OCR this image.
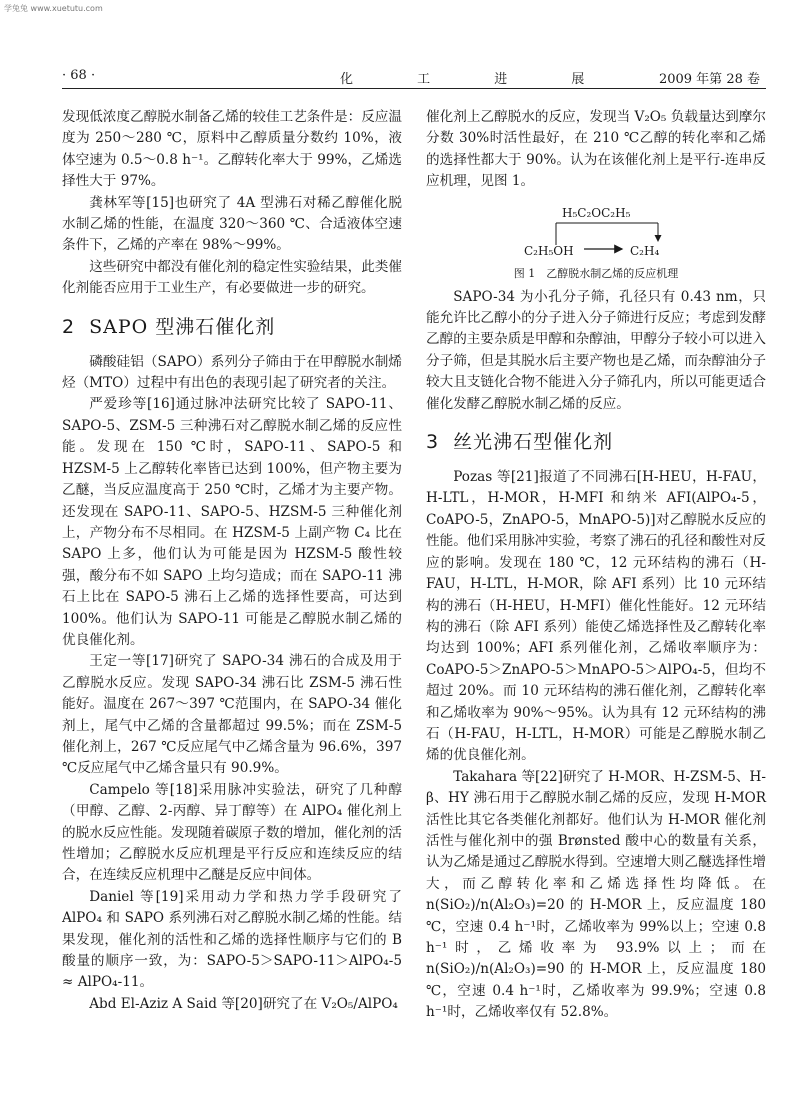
学兔兔 www.xuetutu.com
· 68 ·	化 工 进 展	2009 年第 28 卷

发现低浓度乙醇脱水制备乙烯的较佳工艺条件是：反应温度为 250～280 ℃，原料中乙醇质量分数约 10%，液体空速为 0.5～0.8 h⁻¹。乙醇转化率大于 99%，乙烯选择性大于 97%。

龚林军等[15]也研究了 4A 型沸石对稀乙醇催化脱水制乙烯的性能，在温度 320～360 ℃、合适液体空速条件下，乙烯的产率在 98%～99%。

这些研究中都没有催化剂的稳定性实验结果，此类催化剂能否应用于工业生产，有必要做进一步的研究。

2 SAPO 型沸石催化剂

磷酸硅铝（SAPO）系列分子筛由于在甲醇脱水制烯烃（MTO）过程中有出色的表现引起了研究者的关注。

严爱珍等[16]通过脉冲法研究比较了 SAPO-11、SAPO-5、ZSM-5 三种沸石对乙醇脱水制乙烯的反应性能。发现在 150 ℃时，SAPO-11、SAPO-5 和 HZSM-5 上乙醇转化率皆已达到 100%，但产物主要为乙醚，当反应温度高于 250 ℃时，乙烯才为主要产物。还发现在 SAPO-11、SAPO-5、HZSM-5 三种催化剂上，产物分布不尽相同。在 HZSM-5 上副产物 C₄ 比在 SAPO 上多，他们认为可能是因为 HZSM-5 酸性较强，酸分布不如 SAPO 上均匀造成；而在 SAPO-11 沸石上比在 SAPO-5 沸石上乙烯的选择性要高，可达到 100%。他们认为 SAPO-11 可能是乙醇脱水制乙烯的优良催化剂。

王定一等[17]研究了 SAPO-34 沸石的合成及用于乙醇脱水反应。发现 SAPO-34 沸石比 ZSM-5 沸石性能好。温度在 267～397 ℃范围内，在 SAPO-34 催化剂上，尾气中乙烯的含量都超过 99.5%；而在 ZSM-5 催化剂上，267 ℃反应尾气中乙烯含量为 96.6%，397 ℃反应尾气中乙烯含量只有 90.9%。

Campelo 等[18]采用脉冲实验法，研究了几种醇（甲醇、乙醇、2-丙醇、异丁醇等）在 AlPO₄ 催化剂上的脱水反应性能。发现随着碳原子数的增加，催化剂的活性增加；乙醇脱水反应机理是平行反应和连续反应的结合，在连续反应机理中乙醚是反应中间体。

Daniel 等[19]采用动力学和热力学手段研究了 AlPO₄ 和 SAPO 系列沸石对乙醇脱水制乙烯的性能。结果发现，催化剂的活性和乙烯的选择性顺序与它们的 B 酸量的顺序一致，为：SAPO-5＞SAPO-11＞AlPO₄-5 ≈ AlPO₄-11。

Abd El-Aziz A Said 等[20]研究了在 V₂O₅/AlPO₄

催化剂上乙醇脱水的反应，发现当 V₂O₅ 负载量达到摩尔分数 30%时活性最好，在 210 ℃乙醇的转化率和乙烯的选择性都大于 90%。认为在该催化剂上是平行-连串反应机理，见图 1。

H₅C₂OC₂H₅
C₂H₅OH	C₂H₄
图 1　乙醇脱水制乙烯的反应机理

SAPO-34 为小孔分子筛，孔径只有 0.43 nm，只能允许比乙醇小的分子进入分子筛进行反应；考虑到发酵乙醇的主要杂质是甲醇和杂醇油，甲醇分子较小可以进入分子筛，但是其脱水后主要产物也是乙烯，而杂醇油分子较大且支链化合物不能进入分子筛孔内，所以可能更适合催化发酵乙醇脱水制乙烯的反应。

3 丝光沸石型催化剂

Pozas 等[21]报道了不同沸石[H-HEU，H-FAU，H-LTL，H-MOR，H-MFI 和纳米 AFI(AlPO₄-5，CoAPO-5，ZnAPO-5，MnAPO-5)]对乙醇脱水反应的性能。他们采用脉冲实验，考察了沸石的孔径和酸性对反应的影响。发现在 180 ℃，12 元环结构的沸石（H-FAU，H-LTL，H-MOR，除 AFI 系列）比 10 元环结构的沸石（H-HEU，H-MFI）催化性能好。12 元环结构的沸石（除 AFI 系列）能使乙烯选择性及乙醇转化率均达到 100%；AFI 系列催化剂，乙烯收率顺序为：CoAPO-5＞ZnAPO-5＞MnAPO-5＞AlPO₄-5，但均不超过 20%。而 10 元环结构的沸石催化剂，乙醇转化率和乙烯收率为 90%～95%。认为具有 12 元环结构的沸石（H-FAU，H-LTL，H-MOR）可能是乙醇脱水制乙烯的优良催化剂。

Takahara 等[22]研究了 H-MOR、H-ZSM-5、H-β、HY 沸石用于乙醇脱水制乙烯的反应，发现 H-MOR 活性比其它各类催化剂都好。他们认为 H-MOR 催化剂活性与催化剂中的强 Brønsted 酸中心的数量有关系，认为乙烯是通过乙醇脱水得到。空速增大则乙醚选择性增大，而乙醇转化率和乙烯选择性均降低。在 n(SiO₂)/n(Al₂O₃)=20 的 H-MOR 上，反应温度 180 ℃，空速 0.4 h⁻¹时，乙烯收率为 99%以上；空速 0.8 h⁻¹时，乙烯收率为 93.9%以上；而在 n(SiO₂)/n(Al₂O₃)=90 的 H-MOR 上，反应温度 180 ℃，空速 0.4 h⁻¹时，乙烯收率为 99.9%；空速 0.8 h⁻¹时，乙烯收率仅有 52.8%。
